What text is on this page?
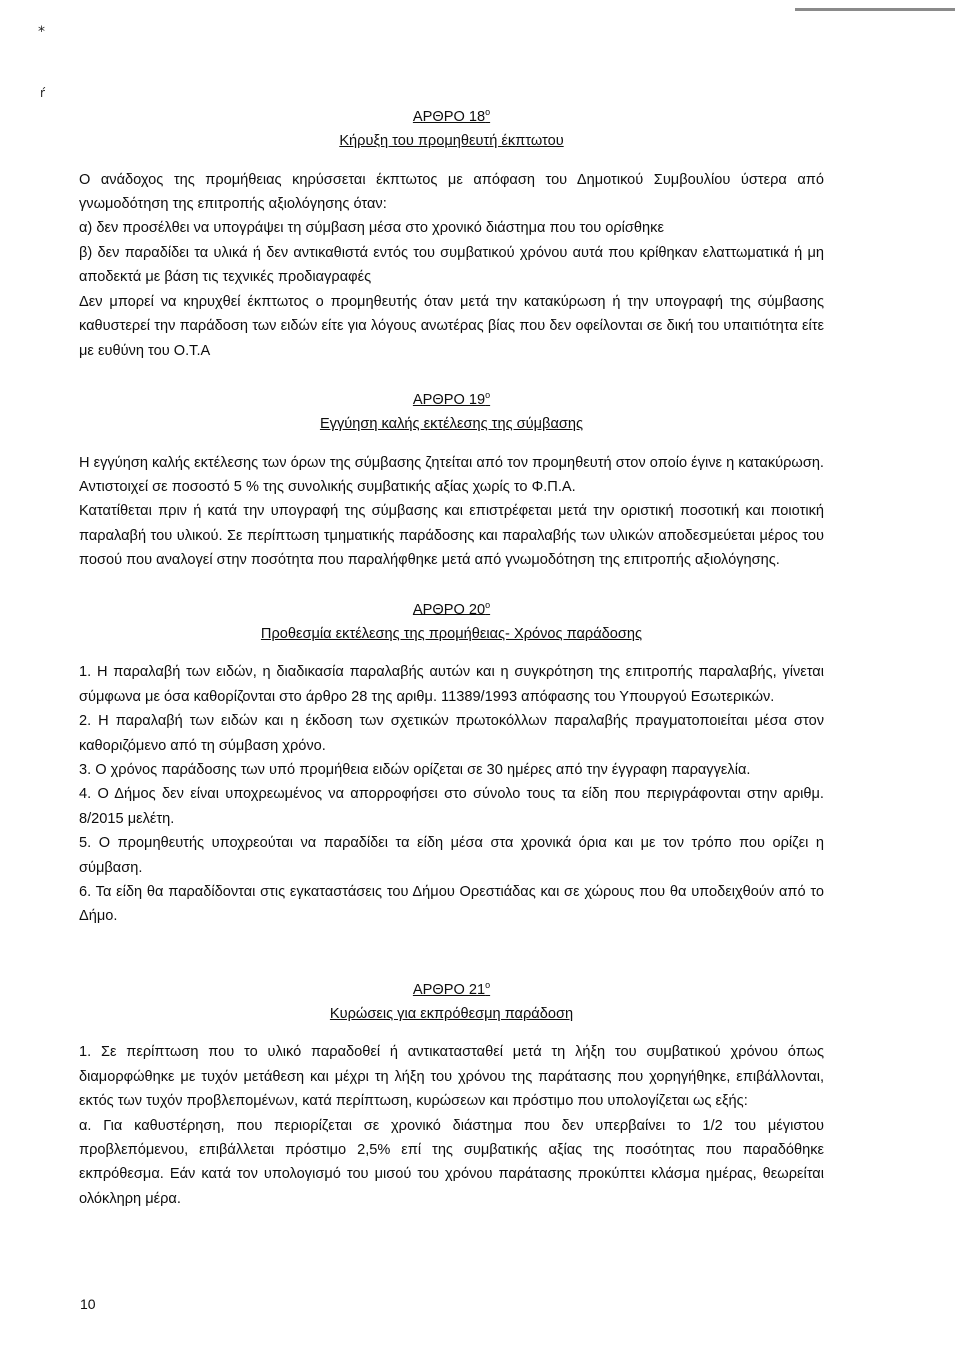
*
ŕ
ΑΡΘΡΟ $18^o$
Κήρυξη του προμηθευτή έκπτωτου

Ο ανάδοχος της προμήθειας κηρύσσεται έκπτωτος με απόφαση του Δημοτικού Συμβουλίου ύστερα από γνωμοδότηση της επιτροπής αξιολόγησης όταν:

α) δεν προσέλθει να υπογράψει τη σύμβαση μέσα στο χρονικό διάστημα που του ορίσθηκε

β) δεν παραδίδει τα υλικά ή δεν αντικαθιστά εντός του συμβατικού χρόνου αυτά που κρίθηκαν ελαττωματικά ή μη αποδεκτά με βάση τις τεχνικές προδιαγραφές

Δεν μπορεί να κηρυχθεί έκπτωτος ο προμηθευτής όταν μετά την κατακύρωση ή την υπογραφή της σύμβασης καθυστερεί την παράδοση των ειδών είτε για λόγους ανωτέρας βίας που δεν οφείλονται σε δική του υπαιτιότητα είτε με ευθύνη του Ο.Τ.Α

ΑΡΘΡΟ $19^o$
Εγγύηση καλής εκτέλεσης της σύμβασης

Η εγγύηση καλής εκτέλεσης των όρων της σύμβασης ζητείται από τον προμηθευτή στον οποίο έγινε η κατακύρωση. Αντιστοιχεί σε ποσοστό 5 % της συνολικής συμβατικής αξίας χωρίς το Φ.Π.Α.

Κατατίθεται πριν ή κατά την υπογραφή της σύμβασης και επιστρέφεται μετά την οριστική ποσοτική και ποιοτική παραλαβή του υλικού. Σε περίπτωση τμηματικής παράδοσης και παραλαβής των υλικών αποδεσμεύεται μέρος του ποσού που αναλογεί στην ποσότητα που παραλήφθηκε μετά από γνωμοδότηση της επιτροπής αξιολόγησης.

ΑΡΘΡΟ $20^o$
Προθεσμία εκτέλεσης της προμήθειας- Χρόνος παράδοσης

1. Η παραλαβή των ειδών, η διαδικασία παραλαβής αυτών και η συγκρότηση της επιτροπής παραλαβής, γίνεται σύμφωνα με όσα καθορίζονται στο άρθρο 28 της αριθμ. 11389/1993 απόφασης του Υπουργού Εσωτερικών.

2. Η παραλαβή των ειδών και η έκδοση των σχετικών πρωτοκόλλων παραλαβής πραγματοποιείται μέσα στον καθοριζόμενο από τη σύμβαση χρόνο.

3. Ο χρόνος παράδοσης των υπό προμήθεια ειδών ορίζεται σε 30 ημέρες από την έγγραφη παραγγελία.

4. Ο Δήμος δεν είναι υποχρεωμένος να απορροφήσει στο σύνολο τους τα είδη που περιγράφονται στην αριθμ. 8/2015 μελέτη.

5. Ο προμηθευτής υποχρεούται να παραδίδει τα είδη μέσα στα χρονικά όρια και με τον τρόπο που ορίζει η σύμβαση.

6. Τα είδη θα παραδίδονται στις εγκαταστάσεις του Δήμου Ορεστιάδας και σε χώρους που θα υποδειχθούν από το Δήμο.

ΑΡΘΡΟ $21^o$
Κυρώσεις για εκπρόθεσμη παράδοση

1. Σε περίπτωση που το υλικό παραδοθεί ή αντικατασταθεί μετά τη λήξη του συμβατικού χρόνου όπως διαμορφώθηκε με τυχόν μετάθεση και μέχρι τη λήξη του χρόνου της παράτασης που χορηγήθηκε, επιβάλλονται, εκτός των τυχόν προβλεπομένων, κατά περίπτωση, κυρώσεων και πρόστιμο που υπολογίζεται ως εξής:

α. Για καθυστέρηση, που περιορίζεται σε χρονικό διάστημα που δεν υπερβαίνει το 1/2 του μέγιστου προβλεπόμενου, επιβάλλεται πρόστιμο 2,5% επί της συμβατικής αξίας της ποσότητας που παραδόθηκε εκπρόθεσμα. Εάν κατά τον υπολογισμό του μισού του χρόνου παράτασης προκύπτει κλάσμα ημέρας, θεωρείται ολόκληρη μέρα.

10
